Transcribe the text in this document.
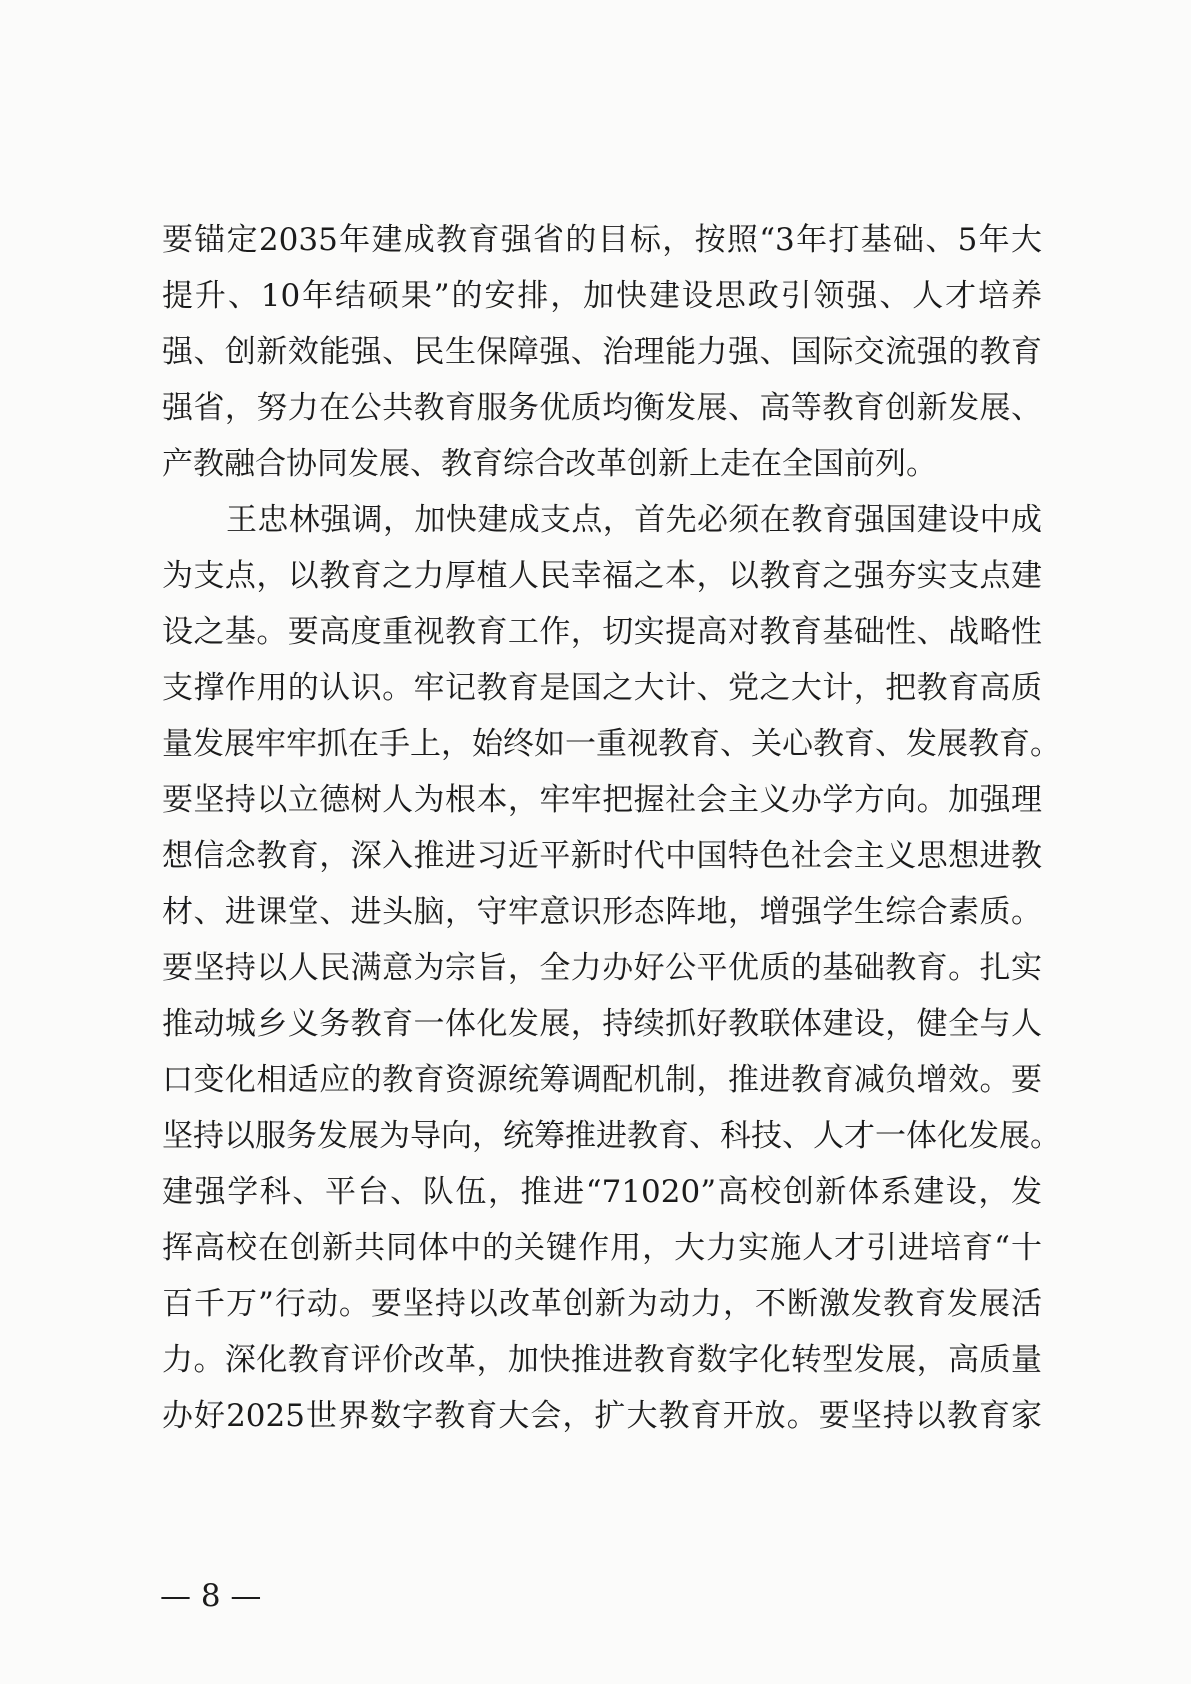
要锚定2035年建成教育强省的目标，按照“3年打基础、5年大

提升、10年结硕果”的安排，加快建设思政引领强、人才培养

强、创新效能强、民生保障强、治理能力强、国际交流强的教育

强省，努力在公共教育服务优质均衡发展、高等教育创新发展、

产教融合协同发展、教育综合改革创新上走在全国前列。

王忠林强调，加快建成支点，首先必须在教育强国建设中成

为支点，以教育之力厚植人民幸福之本，以教育之强夯实支点建

设之基。要高度重视教育工作，切实提高对教育基础性、战略性

支撑作用的认识。牢记教育是国之大计、党之大计，把教育高质

量发展牢牢抓在手上，始终如一重视教育、关心教育、发展教育。

要坚持以立德树人为根本，牢牢把握社会主义办学方向。加强理

想信念教育，深入推进习近平新时代中国特色社会主义思想进教

材、进课堂、进头脑，守牢意识形态阵地，增强学生综合素质。

要坚持以人民满意为宗旨，全力办好公平优质的基础教育。扎实

推动城乡义务教育一体化发展，持续抓好教联体建设，健全与人

口变化相适应的教育资源统筹调配机制，推进教育减负增效。要

坚持以服务发展为导向，统筹推进教育、科技、人才一体化发展。

建强学科、平台、队伍，推进“71020”高校创新体系建设，发

挥高校在创新共同体中的关键作用，大力实施人才引进培育“十

百千万”行动。要坚持以改革创新为动力，不断激发教育发展活

力。深化教育评价改革，加快推进教育数字化转型发展，高质量

办好2025世界数字教育大会，扩大教育开放。要坚持以教育家

— 8 —
